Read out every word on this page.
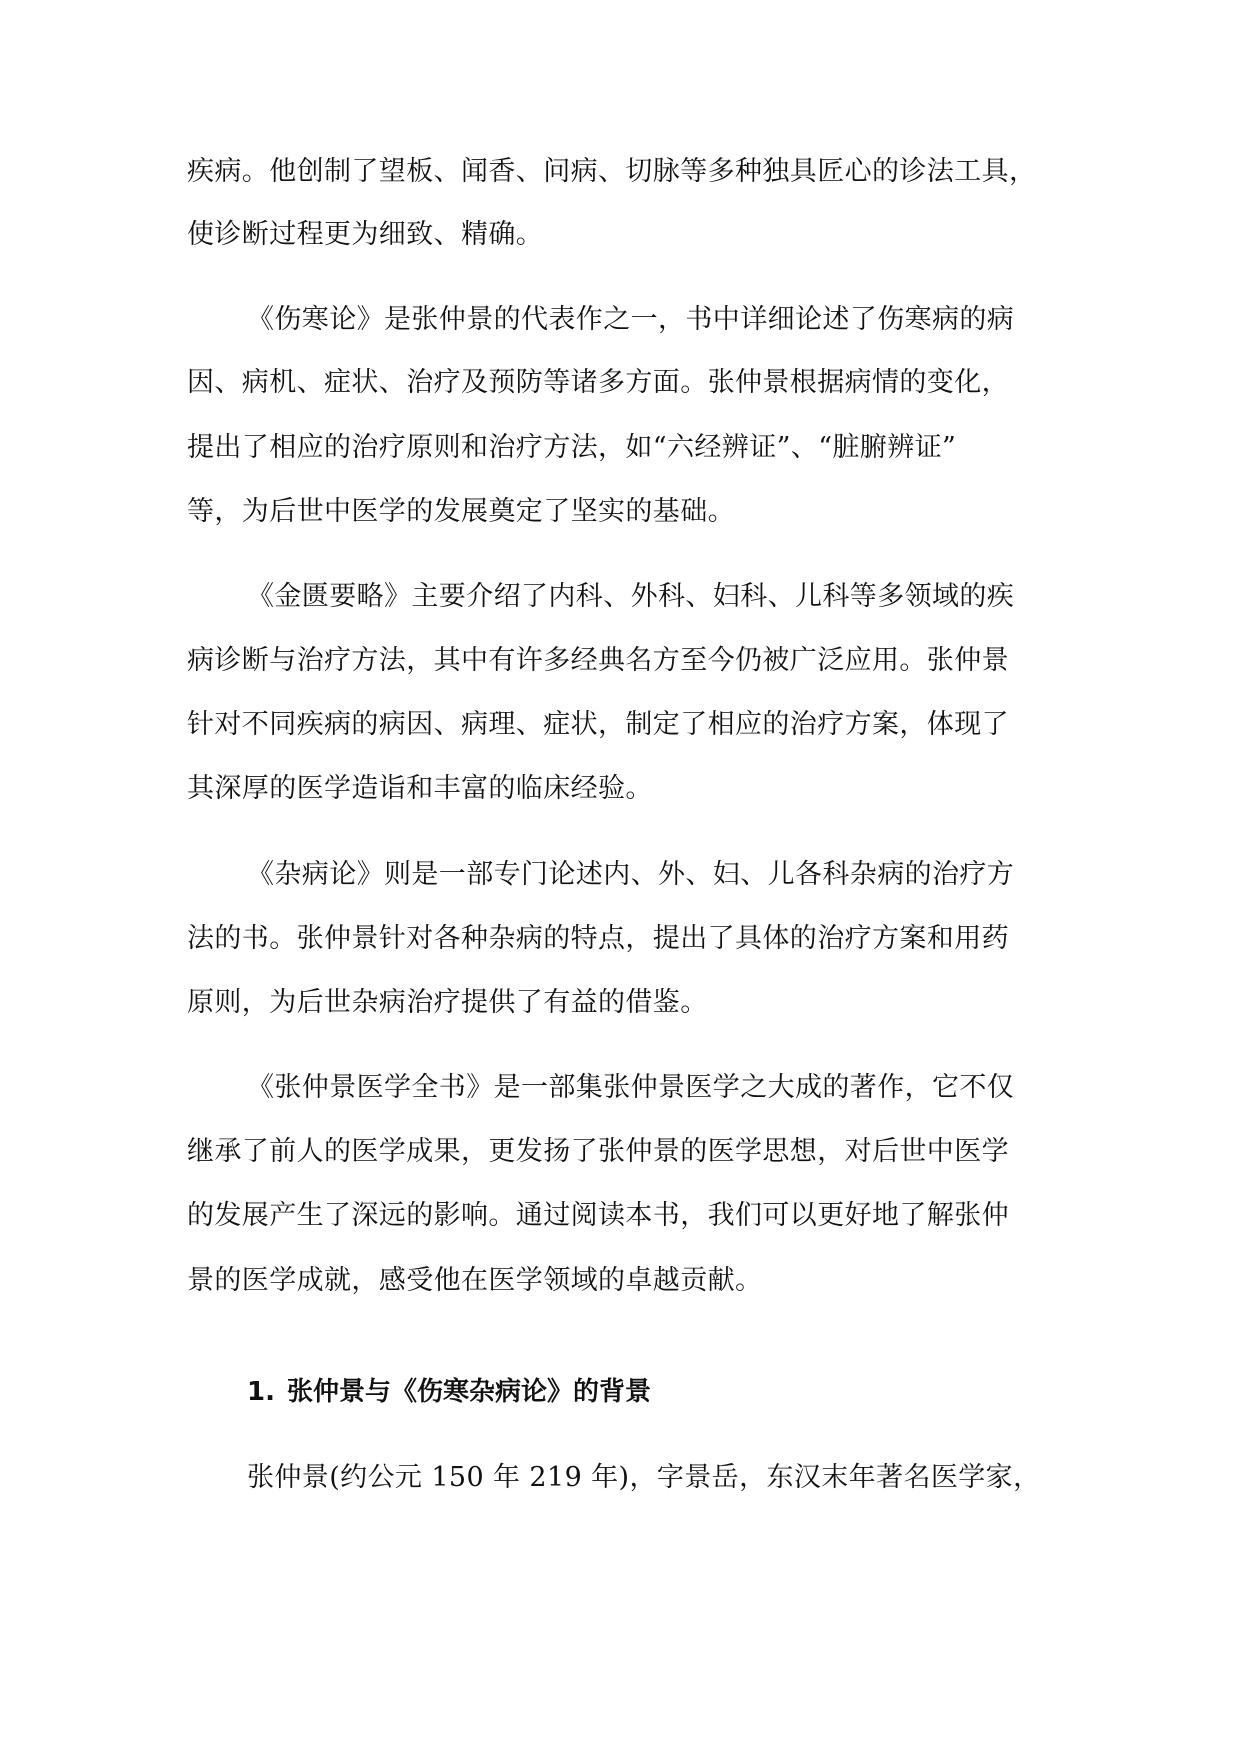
疾病。他创制了望板、闻香、问病、切脉等多种独具匠心的诊法工具，
使诊断过程更为细致、精确。
《伤寒论》是张仲景的代表作之一，书中详细论述了伤寒病的病
因、病机、症状、治疗及预防等诸多方面。张仲景根据病情的变化，
提出了相应的治疗原则和治疗方法，如“六经辨证”、“脏腑辨证”
等，为后世中医学的发展奠定了坚实的基础。
《金匮要略》主要介绍了内科、外科、妇科、儿科等多领域的疾
病诊断与治疗方法，其中有许多经典名方至今仍被广泛应用。张仲景
针对不同疾病的病因、病理、症状，制定了相应的治疗方案，体现了
其深厚的医学造诣和丰富的临床经验。
《杂病论》则是一部专门论述内、外、妇、儿各科杂病的治疗方
法的书。张仲景针对各种杂病的特点，提出了具体的治疗方案和用药
原则，为后世杂病治疗提供了有益的借鉴。
《张仲景医学全书》是一部集张仲景医学之大成的著作，它不仅
继承了前人的医学成果，更发扬了张仲景的医学思想，对后世中医学
的发展产生了深远的影响。通过阅读本书，我们可以更好地了解张仲
景的医学成就，感受他在医学领域的卓越贡献。
1. 张仲景与《伤寒杂病论》的背景
张仲景(约公元 150 年 219 年)，字景岳，东汉末年著名医学家，
